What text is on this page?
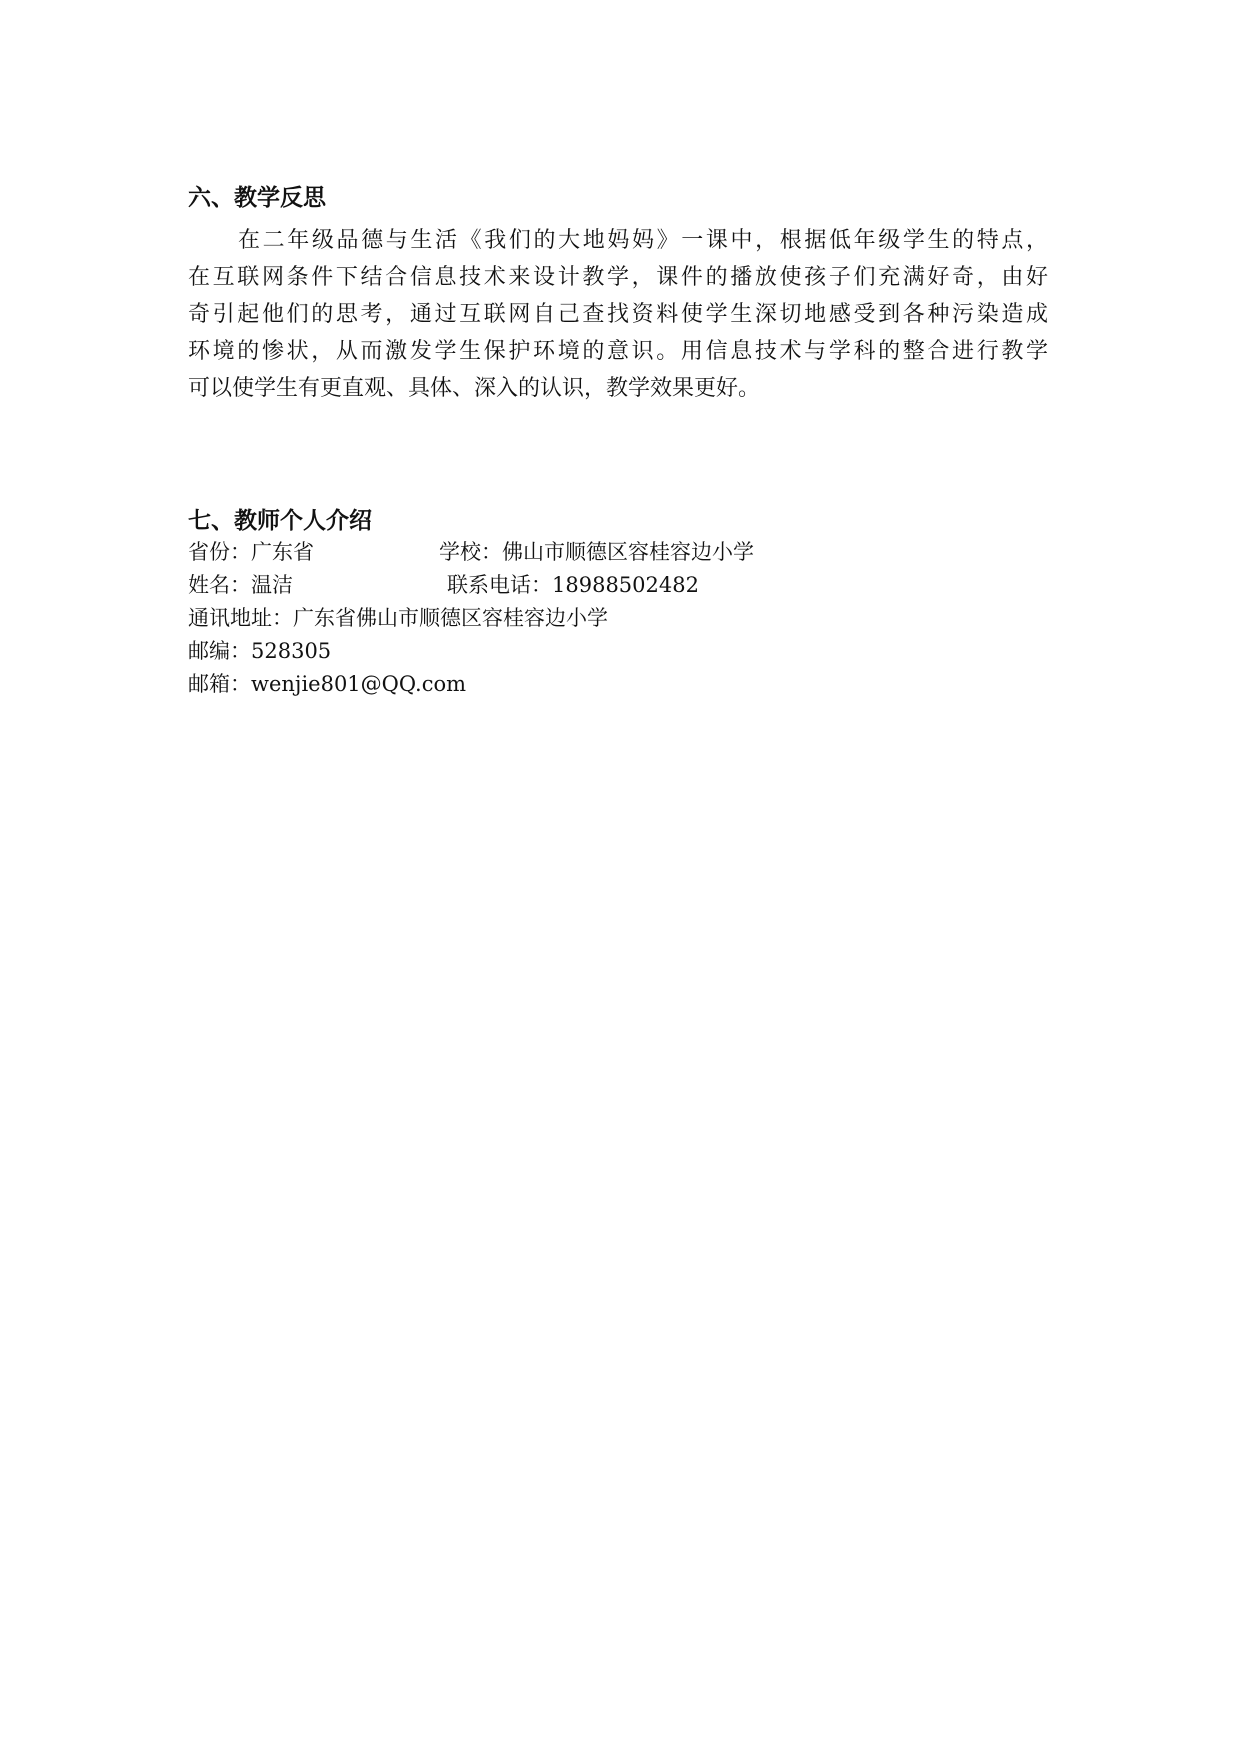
六、教学反思
在二年级品德与生活《我们的大地妈妈》一课中，根据低年级学生的特点，
在互联网条件下结合信息技术来设计教学，课件的播放使孩子们充满好奇，由好
奇引起他们的思考，通过互联网自己查找资料使学生深切地感受到各种污染造成
环境的惨状，从而激发学生保护环境的意识。用信息技术与学科的整合进行教学
可以使学生有更直观、具体、深入的认识，教学效果更好。
七、教师个人介绍
省份：广东省	学校：佛山市顺德区容桂容边小学
姓名：温洁	联系电话：18988502482
通讯地址：广东省佛山市顺德区容桂容边小学
邮编：528305
邮箱：wenjie801@QQ.com
